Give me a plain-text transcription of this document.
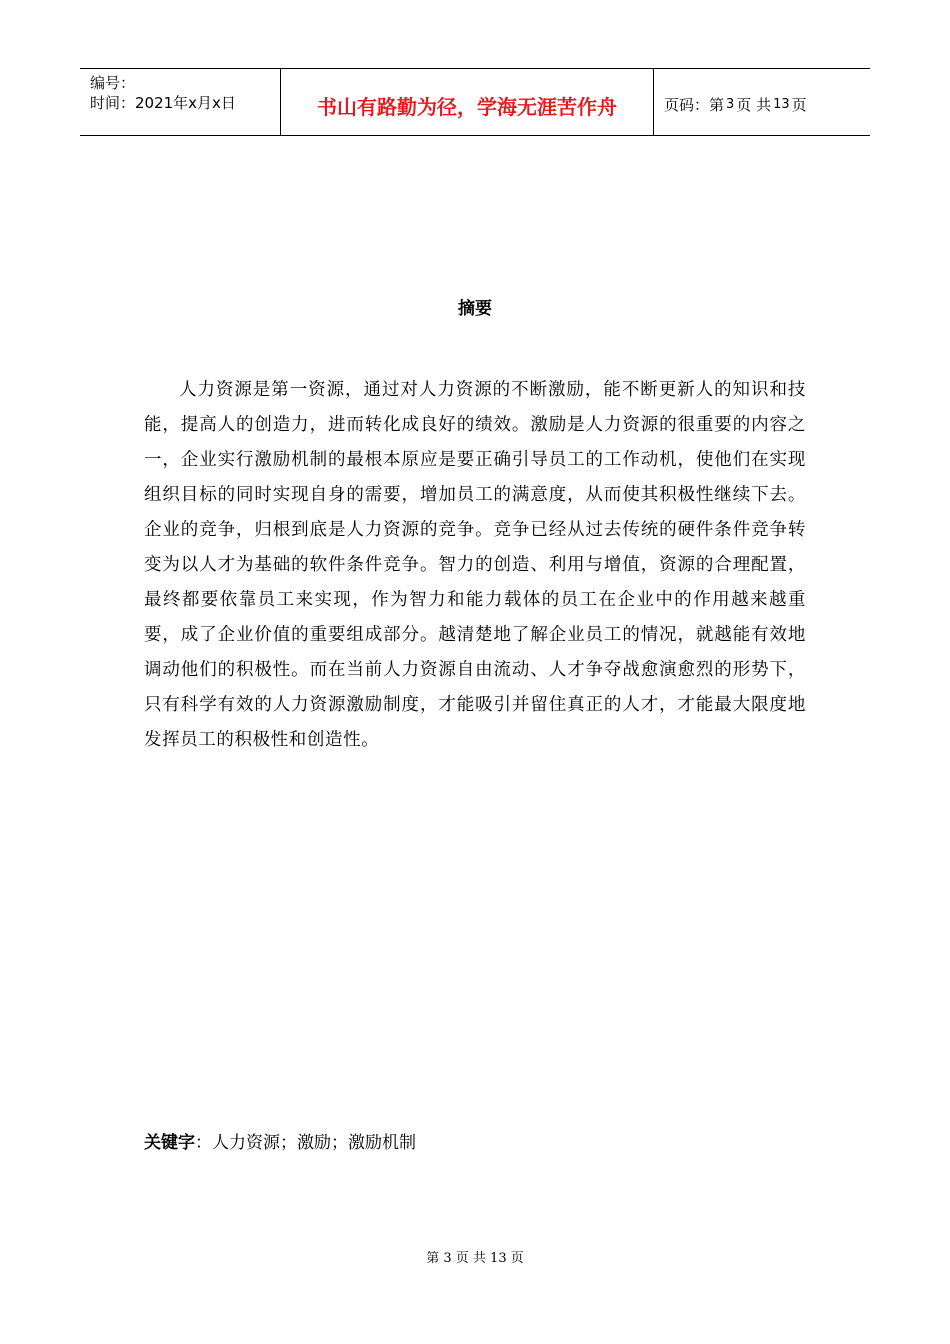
编号：
时间：2021年x月x日	书山有路勤为径，学海无涯苦作舟	页码：第 3 页 共 13 页
摘要

人力资源是第一资源，通过对人力资源的不断激励，能不断更新人的知识和技能，提高人的创造力，进而转化成良好的绩效。激励是人力资源的很重要的内容之一，企业实行激励机制的最根本原应是要正确引导员工的工作动机，使他们在实现组织目标的同时实现自身的需要，增加员工的满意度，从而使其积极性继续下去。企业的竞争，归根到底是人力资源的竞争。竞争已经从过去传统的硬件条件竞争转变为以人才为基础的软件条件竞争。智力的创造、利用与增值，资源的合理配置，最终都要依靠员工来实现，作为智力和能力载体的员工在企业中的作用越来越重要，成了企业价值的重要组成部分。越清楚地了解企业员工的情况，就越能有效地调动他们的积极性。而在当前人力资源自由流动、人才争夺战愈演愈烈的形势下，只有科学有效的人力资源激励制度，才能吸引并留住真正的人才，才能最大限度地发挥员工的积极性和创造性。

关键字：人力资源；激励；激励机制
第 3 页 共 13 页
